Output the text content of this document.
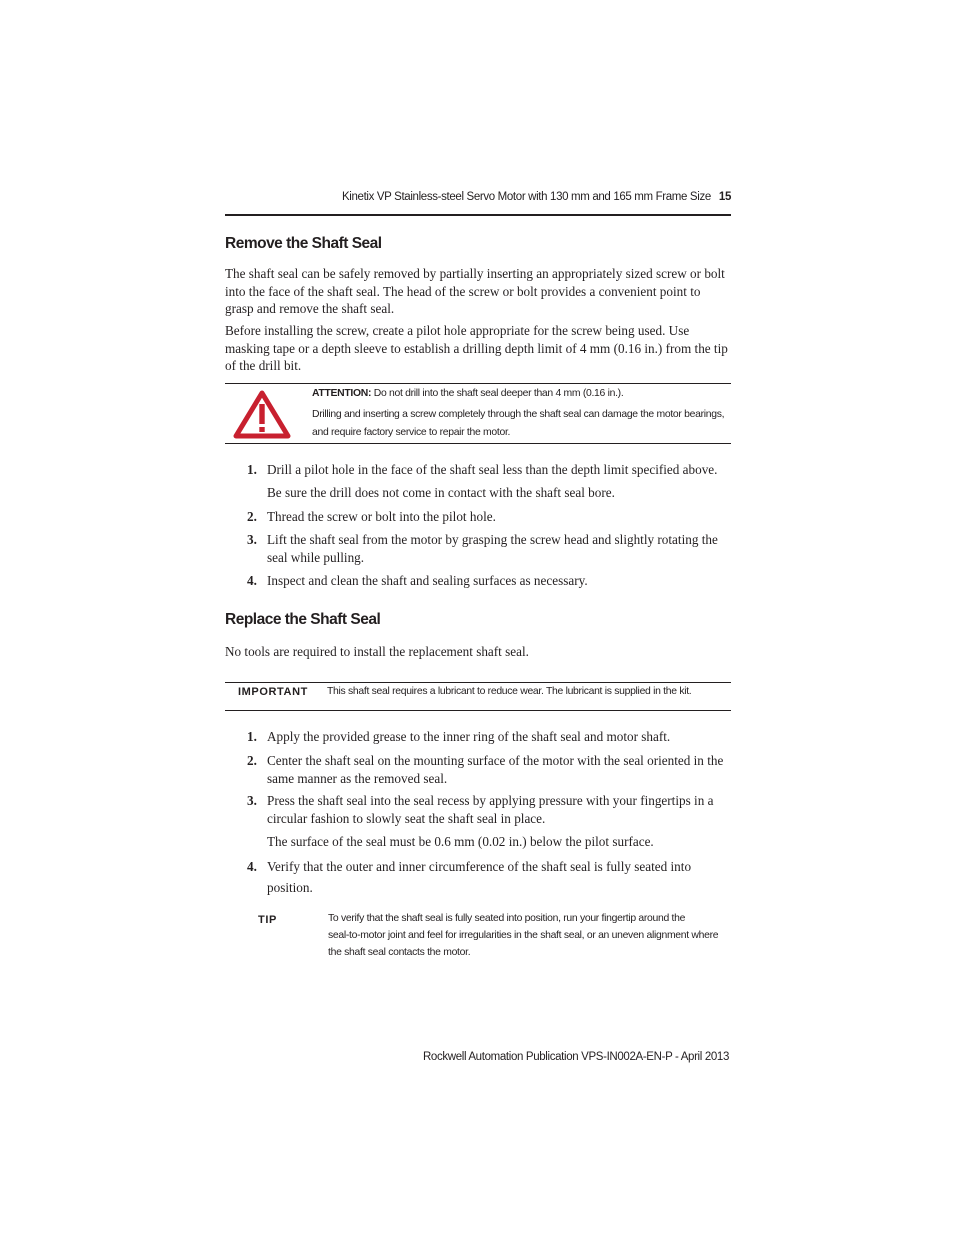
Kinetix VP Stainless-steel Servo Motor with 130 mm and 165 mm Frame Size 15
Remove the Shaft Seal

The shaft seal can be safely removed by partially inserting an appropriately sized screw or bolt into the face of the shaft seal. The head of the screw or bolt provides a convenient point to grasp and remove the shaft seal.

Before installing the screw, create a pilot hole appropriate for the screw being used. Use masking tape or a depth sleeve to establish a drilling depth limit of 4 mm (0.16 in.) from the tip of the drill bit.

ATTENTION: Do not drill into the shaft seal deeper than 4 mm (0.16 in.).
Drilling and inserting a screw completely through the shaft seal can damage the motor bearings,
and require factory service to repair the motor.
1. Drill a pilot hole in the face of the shaft seal less than the depth limit specified above.

Be sure the drill does not come in contact with the shaft seal bore.

2. Thread the screw or bolt into the pilot hole.
3. Lift the shaft seal from the motor by grasping the screw head and slightly rotating the seal while pulling.
4. Inspect and clean the shaft and sealing surfaces as necessary.
Replace the Shaft Seal

No tools are required to install the replacement shaft seal.

IMPORTANT This shaft seal requires a lubricant to reduce wear. The lubricant is supplied in the kit.
1. Apply the provided grease to the inner ring of the shaft seal and motor shaft.
2. Center the shaft seal on the mounting surface of the motor with the seal oriented in the same manner as the removed seal.
3. Press the shaft seal into the seal recess by applying pressure with your fingertips in a circular fashion to slowly seat the shaft seal in place.

The surface of the seal must be 0.6 mm (0.02 in.) below the pilot surface.

4. Verify that the outer and inner circumference of the shaft seal is fully seated into position.
TIP	To verify that the shaft seal is fully seated into position, run your fingertip around the
seal-to-motor joint and feel for irregularities in the shaft seal, or an uneven alignment where
the shaft seal contacts the motor.
Rockwell Automation Publication VPS-IN002A-EN-P - April 2013
